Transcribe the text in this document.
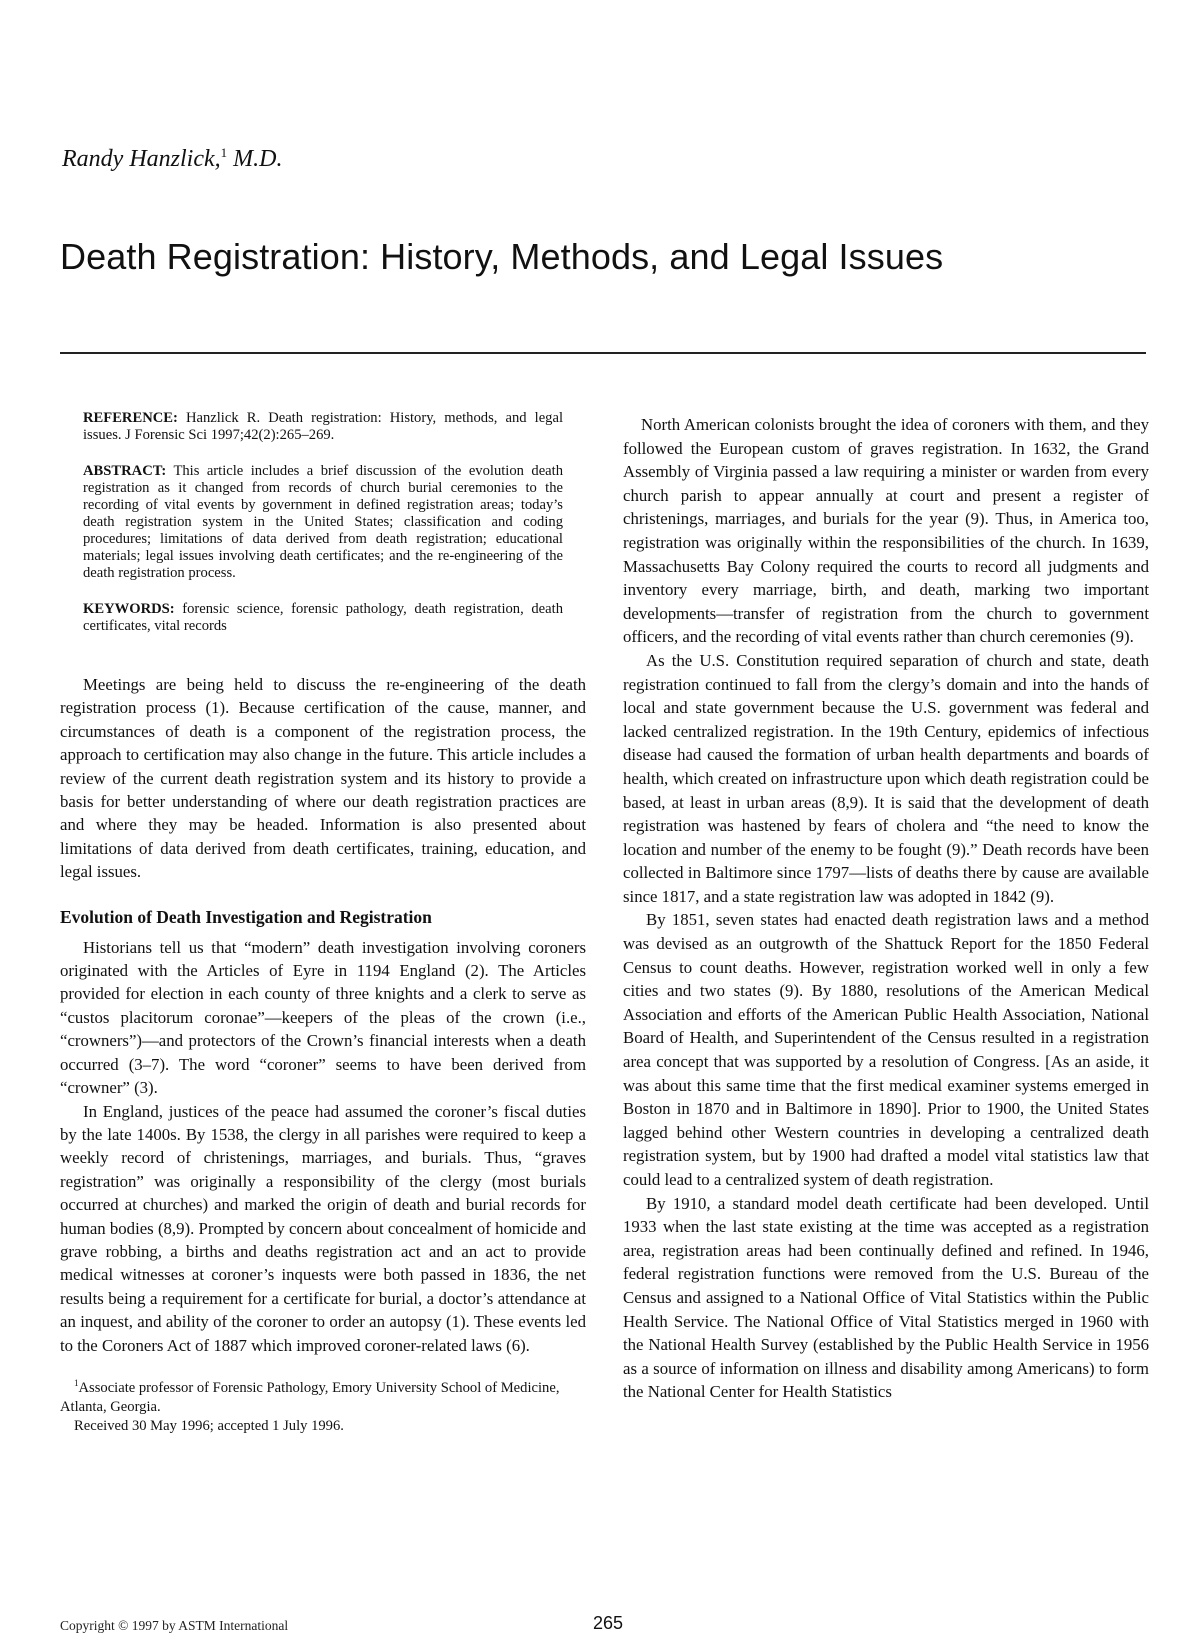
Randy Hanzlick,$^1$ M.D.
Death Registration: History, Methods, and Legal Issues

REFERENCE: Hanzlick R. Death registration: History, methods, and legal issues. J Forensic Sci 1997;42(2):265–269.

ABSTRACT: This article includes a brief discussion of the evolution death registration as it changed from records of church burial ceremonies to the recording of vital events by government in defined registration areas; today’s death registration system in the United States; classification and coding procedures; limitations of data derived from death registration; educational materials; legal issues involving death certificates; and the re-engineering of the death registration process.

KEYWORDS: forensic science, forensic pathology, death registration, death certificates, vital records

Meetings are being held to discuss the re-engineering of the death registration process (1). Because certification of the cause, manner, and circumstances of death is a component of the registration process, the approach to certification may also change in the future. This article includes a review of the current death registration system and its history to provide a basis for better understanding of where our death registration practices are and where they may be headed. Information is also presented about limitations of data derived from death certificates, training, education, and legal issues.

Evolution of Death Investigation and Registration

Historians tell us that “modern” death investigation involving coroners originated with the Articles of Eyre in 1194 England (2). The Articles provided for election in each county of three knights and a clerk to serve as “custos placitorum coronae”—keepers of the pleas of the crown (i.e., “crowners”)—and protectors of the Crown’s financial interests when a death occurred (3–7). The word “coroner” seems to have been derived from “crowner” (3).

In England, justices of the peace had assumed the coroner’s fiscal duties by the late 1400s. By 1538, the clergy in all parishes were required to keep a weekly record of christenings, marriages, and burials. Thus, “graves registration” was originally a responsibility of the clergy (most burials occurred at churches) and marked the origin of death and burial records for human bodies (8,9). Prompted by concern about concealment of homicide and grave robbing, a births and deaths registration act and an act to provide medical witnesses at coroner’s inquests were both passed in 1836, the net results being a requirement for a certificate for burial, a doctor’s attendance at an inquest, and ability of the coroner to order an autopsy (1). These events led to the Coroners Act of 1887 which improved coroner-related laws (6).

$^1$Associate professor of Forensic Pathology, Emory University School of Medicine, Atlanta, Georgia.

Received 30 May 1996; accepted 1 July 1996.

North American colonists brought the idea of coroners with them, and they followed the European custom of graves registration. In 1632, the Grand Assembly of Virginia passed a law requiring a minister or warden from every church parish to appear annually at court and present a register of christenings, marriages, and burials for the year (9). Thus, in America too, registration was originally within the responsibilities of the church. In 1639, Massachusetts Bay Colony required the courts to record all judgments and inventory every marriage, birth, and death, marking two important developments—transfer of registration from the church to government officers, and the recording of vital events rather than church ceremonies (9).

As the U.S. Constitution required separation of church and state, death registration continued to fall from the clergy’s domain and into the hands of local and state government because the U.S. government was federal and lacked centralized registration. In the 19th Century, epidemics of infectious disease had caused the formation of urban health departments and boards of health, which created on infrastructure upon which death registration could be based, at least in urban areas (8,9). It is said that the development of death registration was hastened by fears of cholera and “the need to know the location and number of the enemy to be fought (9).” Death records have been collected in Baltimore since 1797—lists of deaths there by cause are available since 1817, and a state registration law was adopted in 1842 (9).

By 1851, seven states had enacted death registration laws and a method was devised as an outgrowth of the Shattuck Report for the 1850 Federal Census to count deaths. However, registration worked well in only a few cities and two states (9). By 1880, resolutions of the American Medical Association and efforts of the American Public Health Association, National Board of Health, and Superintendent of the Census resulted in a registration area concept that was supported by a resolution of Congress. [As an aside, it was about this same time that the first medical examiner systems emerged in Boston in 1870 and in Baltimore in 1890]. Prior to 1900, the United States lagged behind other Western countries in developing a centralized death registration system, but by 1900 had drafted a model vital statistics law that could lead to a centralized system of death registration.

By 1910, a standard model death certificate had been developed. Until 1933 when the last state existing at the time was accepted as a registration area, registration areas had been continually defined and refined. In 1946, federal registration functions were removed from the U.S. Bureau of the Census and assigned to a National Office of Vital Statistics within the Public Health Service. The National Office of Vital Statistics merged in 1960 with the National Health Survey (established by the Public Health Service in 1956 as a source of information on illness and disability among Americans) to form the National Center for Health Statistics

Copyright © 1997 by ASTM International	265
